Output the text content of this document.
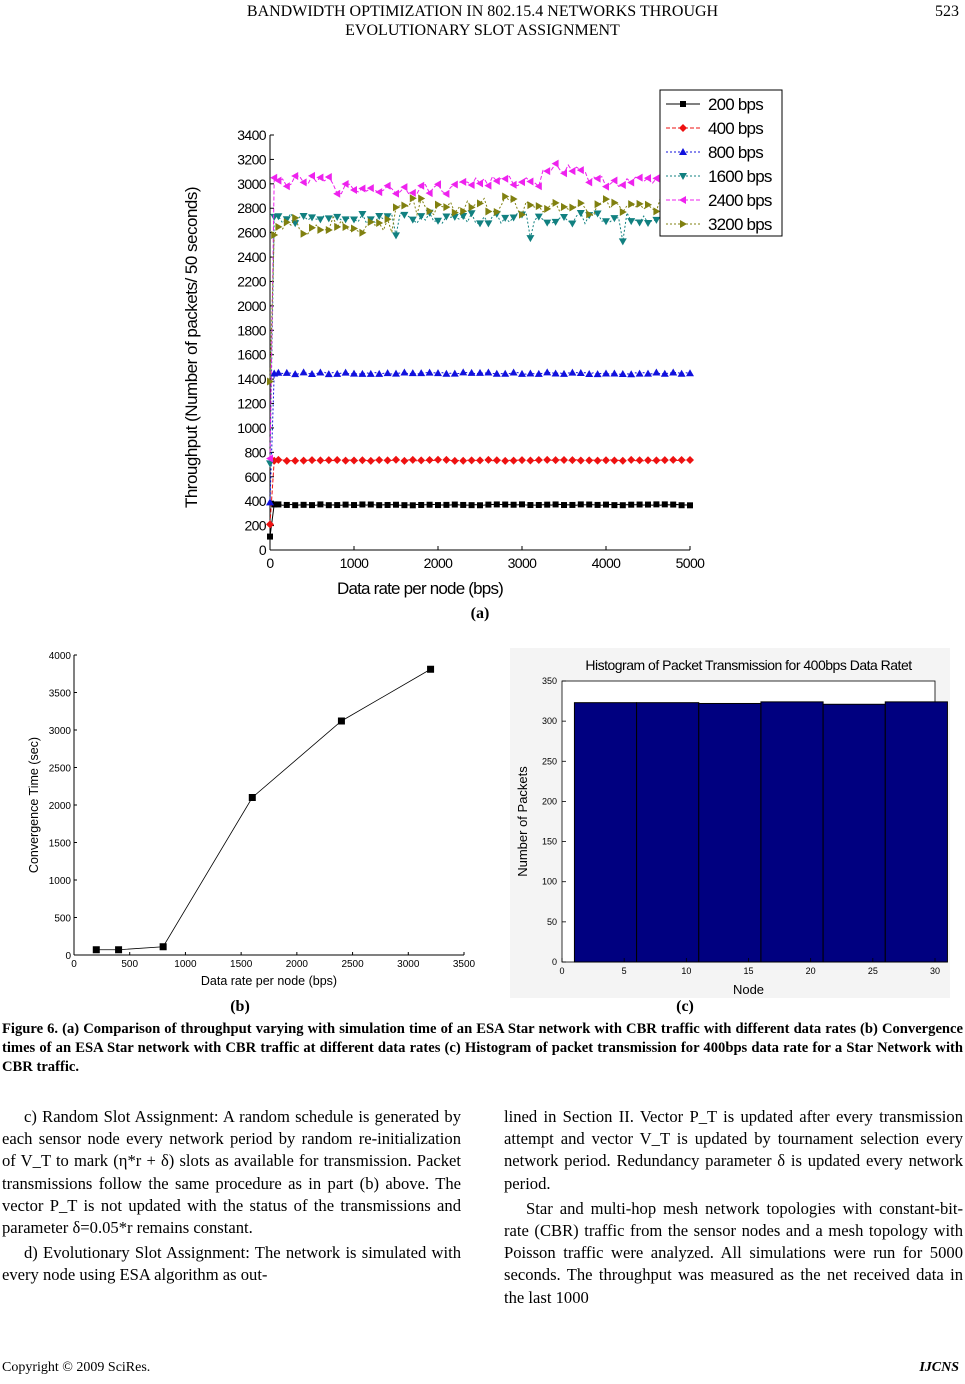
BANDWIDTH OPTIMIZATION IN 802.15.4 NETWORKS THROUGH
EVOLUTIONARY SLOT ASSIGNMENT
523
0
200
400
600
800
1000
1200
1400
1600
1800
2000
2200
2400
2600
2800
3000
3200
3400
0	1000	2000	3000	4000	5000
Data rate per node (bps)
Throughput (Number of packets/ 50 seconds)
200 bps
400 bps
800 bps
1600 bps
2400 bps
3200 bps
(a)
0
500
1000
1500
2000
2500
3000
3500
4000
0	500	1000	1500	2000	2500	3000	3500
Data rate per node (bps)
Convergence Time (sec)
(b)
Histogram of Packet Transmission for 400bps Data Ratet
0
50
100
150
200
250
300
350
0	5	10	15	20	25	30
Node
Number of Packets
(c)
Figure 6. (a) Comparison of throughput varying with simulation time of an ESA Star network with CBR traffic with different data rates (b) Convergence times of an ESA Star network with CBR traffic at different data rates (c) Histogram of packet transmission for 400bps data rate for a Star Network with CBR traffic.

c) Random Slot Assignment: A random schedule is generated by each sensor node every network period by random re-initialization of V_T to mark (η*r + δ) slots as available for transmission. Packet transmissions follow the same procedure as in part (b) above. The vector P_T is not updated with the status of the transmissions and parameter δ=0.05*r remains constant.

d) Evolutionary Slot Assignment: The network is simulated with every node using ESA algorithm as out-

lined in Section II. Vector P_T is updated after every transmission attempt and vector V_T is updated by tournament selection every network period. Redundancy parameter δ is updated every network period.

Star and multi-hop mesh network topologies with constant-bit-rate (CBR) traffic from the sensor nodes and a mesh topology with Poisson traffic were analyzed. All simulations were run for 5000 seconds. The throughput was measured as the net received data in the last 1000

Copyright © 2009 SciRes.	IJCNS
